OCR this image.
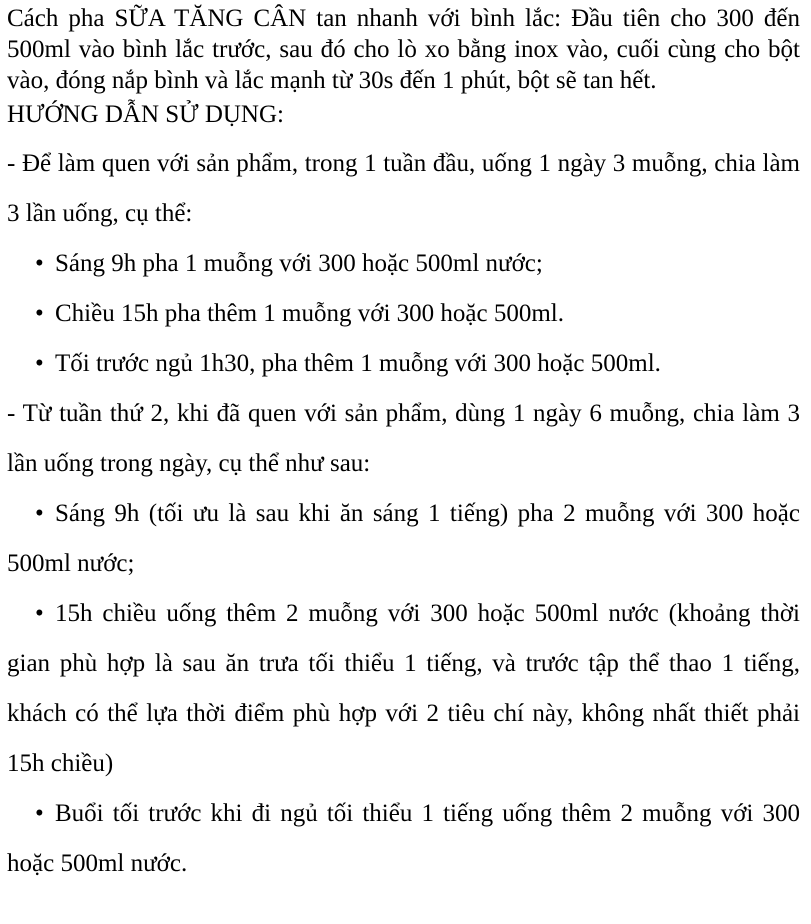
Cách pha SỮA TĂNG CÂN tan nhanh với bình lắc: Đầu tiên cho 300 đến 500ml vào bình lắc trước, sau đó cho lò xo bằng inox vào, cuối cùng cho bột vào, đóng nắp bình và lắc mạnh từ 30s đến 1 phút, bột sẽ tan hết.

HƯỚNG DẪN SỬ DỤNG:

- Để làm quen với sản phẩm, trong 1 tuần đầu, uống 1 ngày 3 muỗng, chia làm 3 lần uống, cụ thể:

• Sáng 9h pha 1 muỗng với 300 hoặc 500ml nước;

• Chiều 15h pha thêm 1 muỗng với 300 hoặc 500ml.

• Tối trước ngủ 1h30, pha thêm 1 muỗng với 300 hoặc 500ml.

- Từ tuần thứ 2, khi đã quen với sản phẩm, dùng 1 ngày 6 muỗng, chia làm 3 lần uống trong ngày, cụ thể như sau:

• Sáng 9h (tối ưu là sau khi ăn sáng 1 tiếng) pha 2 muỗng với 300 hoặc 500ml nước;

• 15h chiều uống thêm 2 muỗng với 300 hoặc 500ml nước (khoảng thời gian phù hợp là sau ăn trưa tối thiểu 1 tiếng, và trước tập thể thao 1 tiếng, khách có thể lựa thời điểm phù hợp với 2 tiêu chí này, không nhất thiết phải 15h chiều)

• Buổi tối trước khi đi ngủ tối thiểu 1 tiếng uống thêm 2 muỗng với 300 hoặc 500ml nước.
